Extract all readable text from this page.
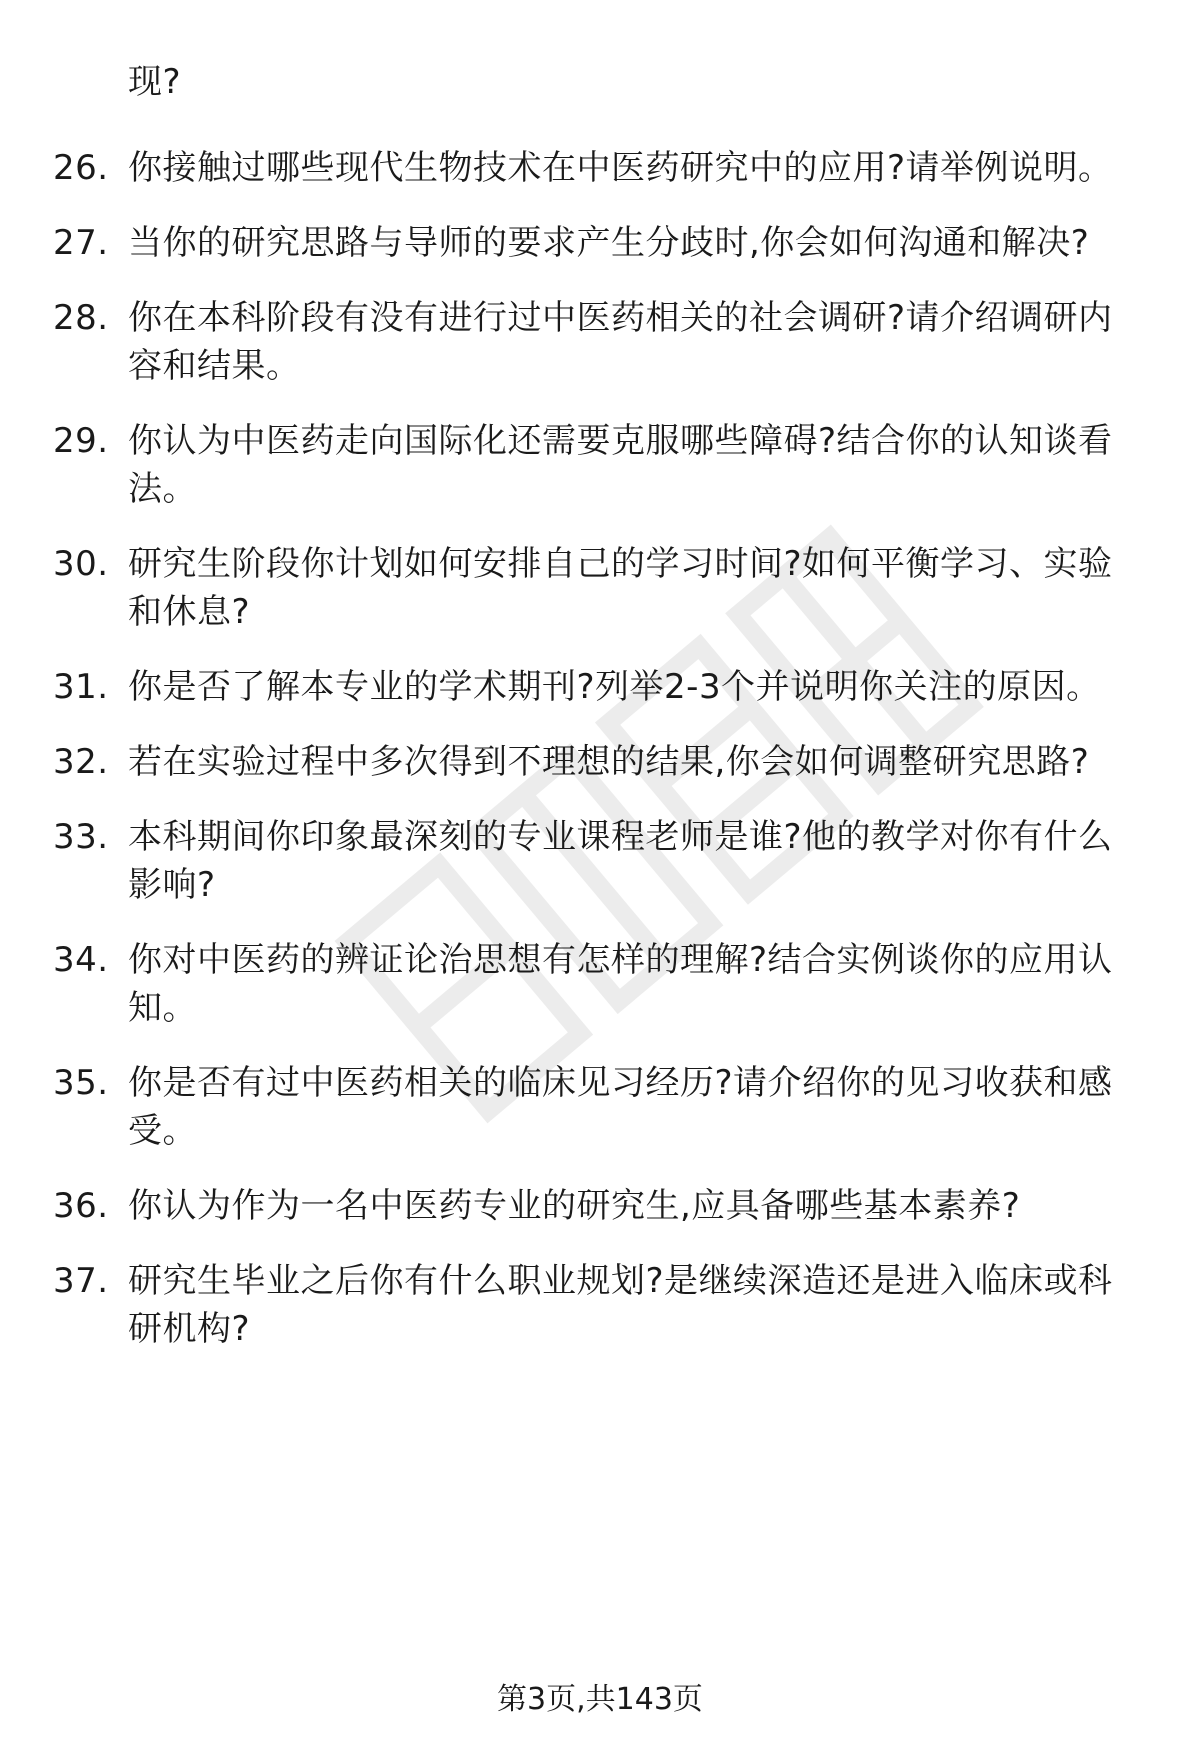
现?
26. 你接触过哪些现代生物技术在中医药研究中的应用?请举例说明。
27. 当你的研究思路与导师的要求产生分歧时,你会如何沟通和解决?
28. 你在本科阶段有没有进行过中医药相关的社会调研?请介绍调研内容和结果。
29. 你认为中医药走向国际化还需要克服哪些障碍?结合你的认知谈看法。
30. 研究生阶段你计划如何安排自己的学习时间?如何平衡学习、实验和休息?
31. 你是否了解本专业的学术期刊?列举2-3个并说明你关注的原因。
32. 若在实验过程中多次得到不理想的结果,你会如何调整研究思路?
33. 本科期间你印象最深刻的专业课程老师是谁?他的教学对你有什么影响?
34. 你对中医药的辨证论治思想有怎样的理解?结合实例谈你的应用认知。
35. 你是否有过中医药相关的临床见习经历?请介绍你的见习收获和感受。
36. 你认为作为一名中医药专业的研究生,应具备哪些基本素养?
37. 研究生毕业之后你有什么职业规划?是继续深造还是进入临床或科研机构?
第3页,共143页
